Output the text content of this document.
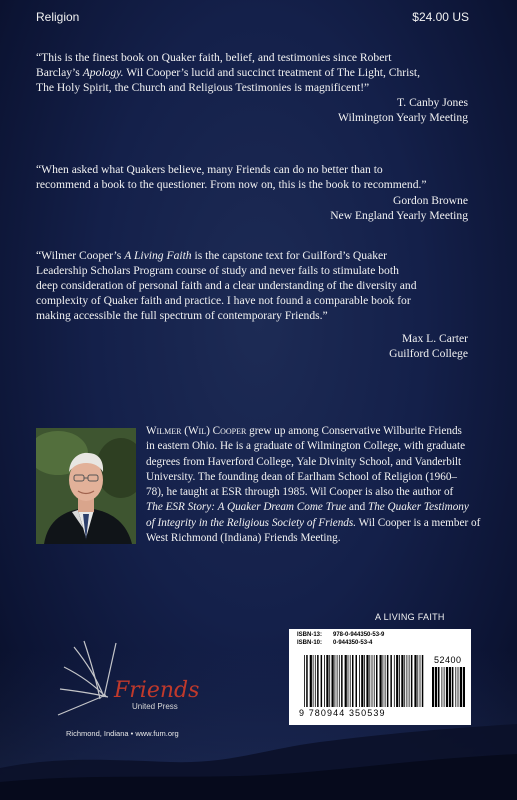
Religion	$24.00 US
“This is the finest book on Quaker faith, belief, and testimonies since Robert
Barclay’s Apology. Wil Cooper’s lucid and succinct treatment of The Light, Christ,
The Holy Spirit, the Church and Religious Testimonies is magnificent!”
T. Canby Jones
Wilmington Yearly Meeting
“When asked what Quakers believe, many Friends can do no better than to
recommend a book to the questioner. From now on, this is the book to recommend.”
Gordon Browne
New England Yearly Meeting
“Wilmer Cooper’s A Living Faith is the capstone text for Guilford’s Quaker
Leadership Scholars Program course of study and never fails to stimulate both
deep consideration of personal faith and a clear understanding of the diversity and
complexity of Quaker faith and practice. I have not found a comparable book for
making accessible the full spectrum of contemporary Friends.”
Max L. Carter
Guilford College
Wilmer (Wil) Cooper grew up among Conservative Wilburite Friends
in eastern Ohio. He is a graduate of Wilmington College, with graduate
degrees from Haverford College, Yale Divinity School, and Vanderbilt
University. The founding dean of Earlham School of Religion (1960–
78), he taught at ESR through 1985. Wil Cooper is also the author of
The ESR Story: A Quaker Dream Come True and The Quaker Testimony
of Integrity in the Religious Society of Friends. Wil Cooper is a member of
West Richmond (Indiana) Friends Meeting.
Friends
United Press
Richmond, Indiana • www.fum.org
A LIVING FAITH
ISBN-13: 978-0-944350-53-9
ISBN-10: 0-944350-53-4
52400
9 780944 350539
